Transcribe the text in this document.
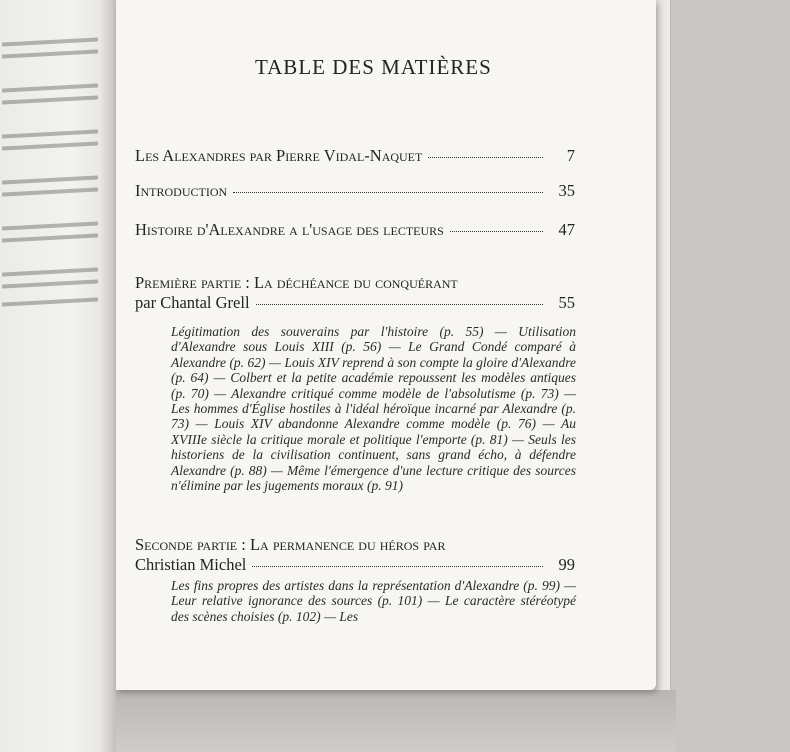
TABLE DES MATIÈRES
Les Alexandres par Pierre Vidal-Naquet	7
Introduction	35
Histoire d'Alexandre a l'usage des lecteurs	47
Première partie : La déchéance du conquérant
par Chantal Grell	55
Légitimation des souverains par l'histoire (p. 55) — Utilisation d'Alexandre sous Louis XIII (p. 56) — Le Grand Condé comparé à Alexandre (p. 62) — Louis XIV reprend à son compte la gloire d'Alexandre (p. 64) — Colbert et la petite académie repoussent les modèles antiques (p. 70) — Alexandre critiqué comme modèle de l'absolutisme (p. 73) — Les hommes d'Église hostiles à l'idéal héroïque incarné par Alexandre (p. 73) — Louis XIV abandonne Alexandre comme modèle (p. 76) — Au XVIIIe siècle la critique morale et politique l'emporte (p. 81) — Seuls les historiens de la civilisation continuent, sans grand écho, à défendre Alexandre (p. 88) — Même l'émergence d'une lecture critique des sources n'élimine par les jugements moraux (p. 91)
Seconde partie : La permanence du héros par
Christian Michel	99
Les fins propres des artistes dans la représentation d'Alexandre (p. 99) — Leur relative ignorance des sources (p. 101) — Le caractère stéréotypé des scènes choisies (p. 102) — Les
